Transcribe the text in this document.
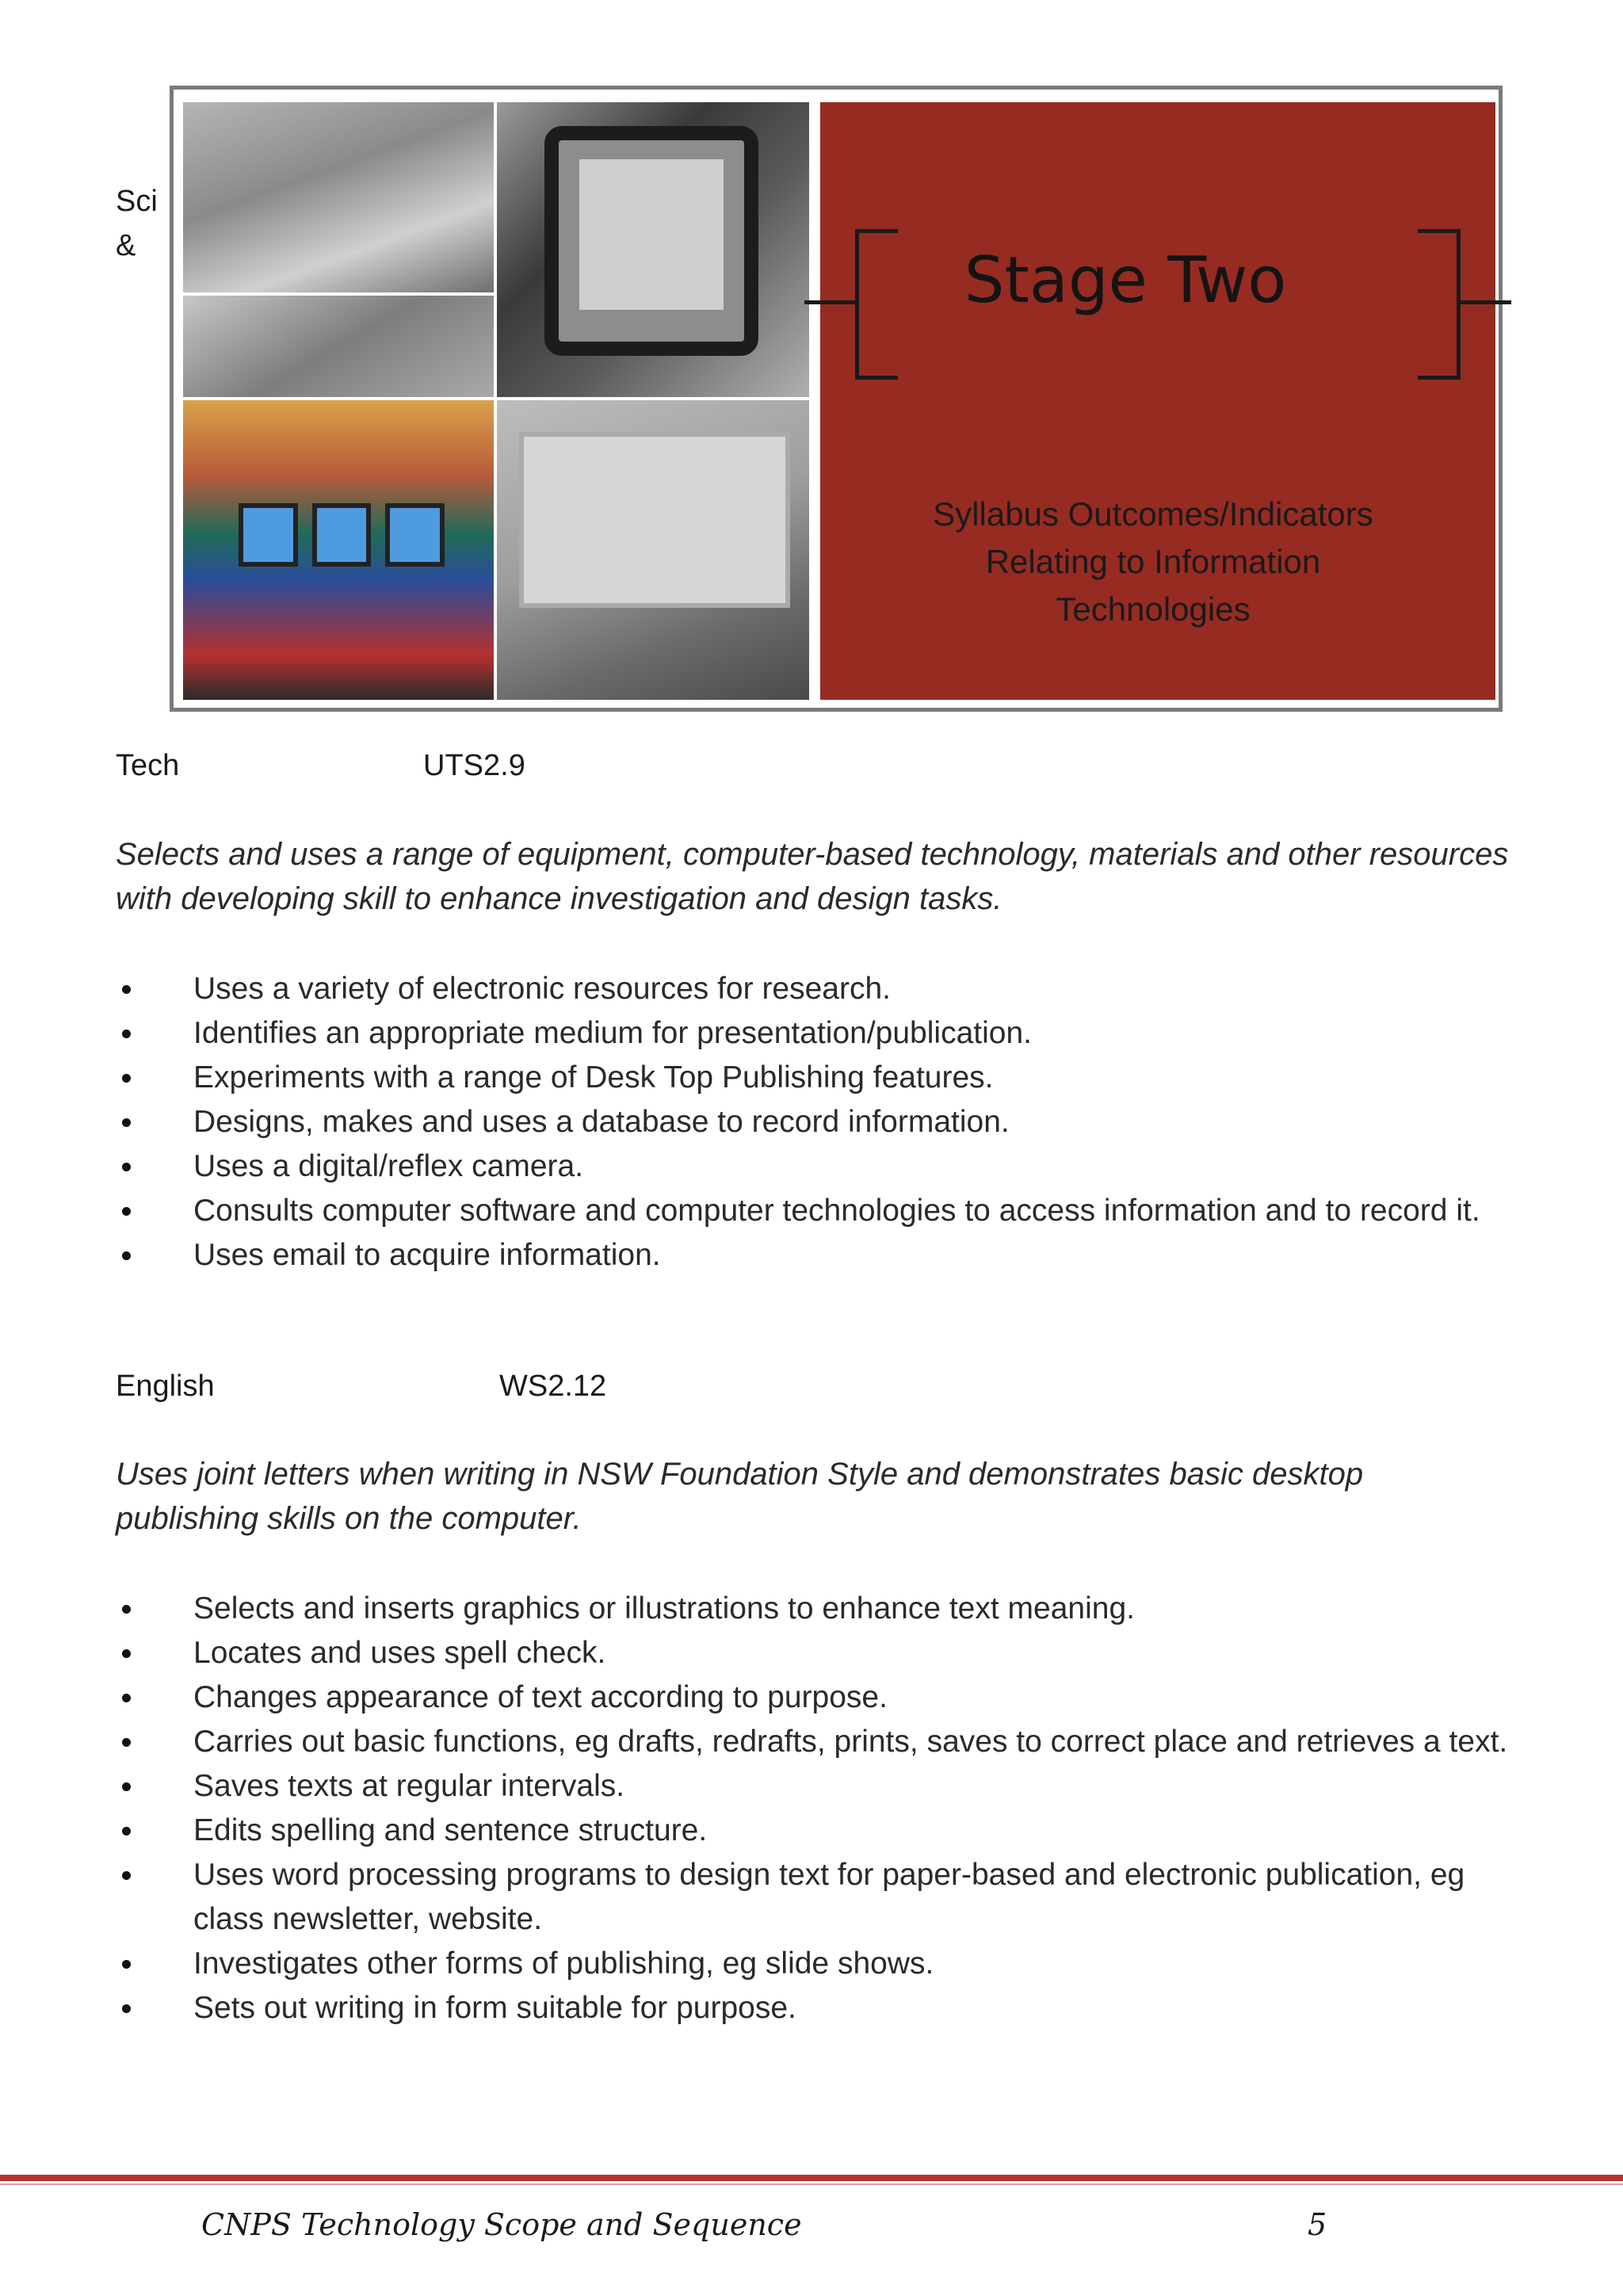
Sci
&	Stage Two
Syllabus Outcomes/Indicators
Relating to Information
Technologies
Tech	UTS2.9
Selects and uses a range of equipment, computer-based technology, materials and other resources with developing skill to enhance investigation and design tasks.
Uses a variety of electronic resources for research.
Identifies an appropriate medium for presentation/publication.
Experiments with a range of Desk Top Publishing features.
Designs, makes and uses a database to record information.
Uses a digital/reflex camera.
Consults computer software and computer technologies to access information and to record it.
Uses email to acquire information.
English	WS2.12
Uses joint letters when writing in NSW Foundation Style and demonstrates basic desktop publishing skills on the computer.
Selects and inserts graphics or illustrations to enhance text meaning.
Locates and uses spell check.
Changes appearance of text according to purpose.
Carries out basic functions, eg drafts, redrafts, prints, saves to correct place and retrieves a text.
Saves texts at regular intervals.
Edits spelling and sentence structure.
Uses word processing programs to design text for paper-based and electronic publication, eg class newsletter, website.
Investigates other forms of publishing, eg slide shows.
Sets out writing in form suitable for purpose.
CNPS Technology Scope and Sequence	5
